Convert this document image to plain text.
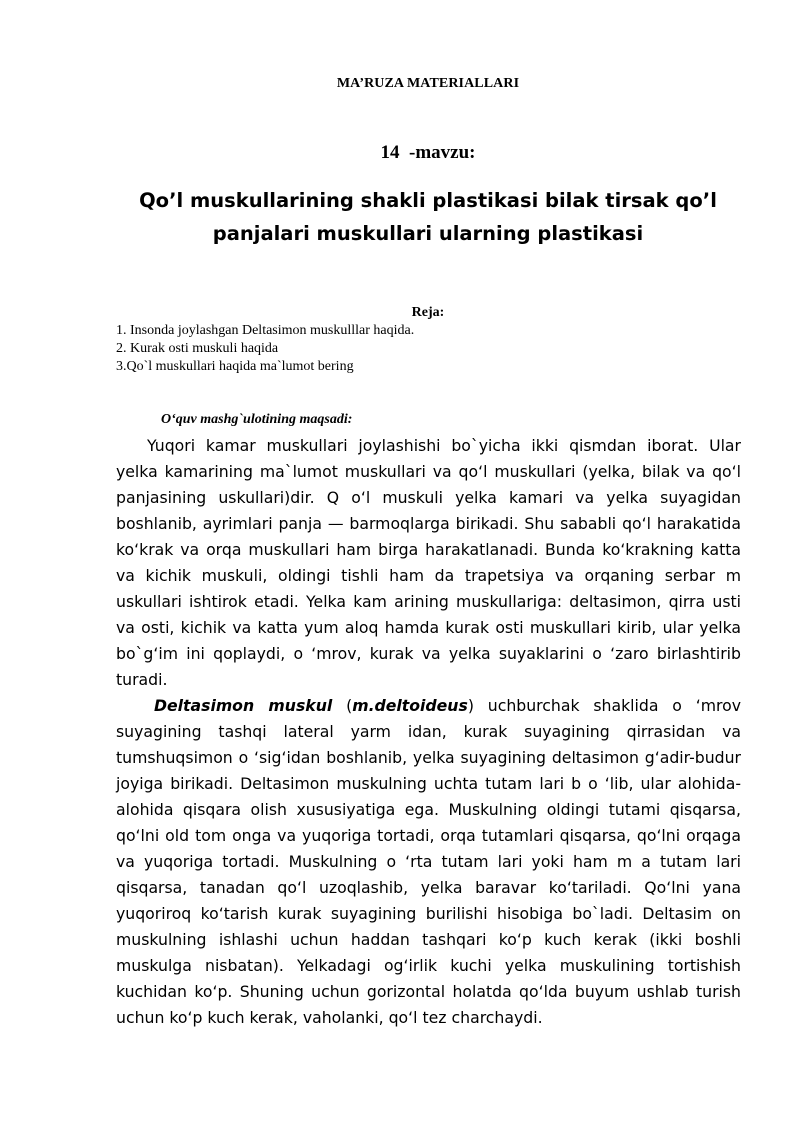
MA’RUZA MATERIALLARI
14  -mavzu:
Qo’l muskullarining shakli plastikasi bilak tirsak qo’l panjalari muskullari ularning plastikasi
Reja:
1. Insonda joylashgan Deltasimon muskulllar haqida.
2. Kurak osti muskuli haqida
3.Qo`l muskullari haqida ma`lumot bering
O‘quv mashg`ulotining maqsadi:

Yuqori kamar muskullari joylashishi bo`yicha ikki qismdan iborat. Ular yelka kamarining ma`lumot muskullari va qo‘l muskullari (yelka, bilak va qo‘l panjasining uskullari)dir. Q o‘l muskuli yelka kamari va yelka suyagidan boshlanib, ayrimlari panja — barmoqlarga birikadi. Shu sababli qo‘l harakatida ko‘krak va orqa muskullari ham birga harakatlanadi. Bunda ko‘krakning katta va kichik muskuli, oldingi tishli ham da trapetsiya va orqaning serbar m uskullari ishtirok etadi. Yelka kam arining muskullariga: deltasimon, qirra usti va osti, kichik va katta yum aloq hamda kurak osti muskullari kirib, ular yelka bo`g‘im ini qoplaydi, o ‘mrov, kurak va yelka suyaklarini o ‘zaro birlashtirib turadi.

Deltasimon muskul (m.deltoideus) uchburchak shaklida o ‘mrov suyagining tashqi lateral yarm idan, kurak suyagining qirrasidan va tumshuqsimon o ‘sig‘idan boshlanib, yelka suyagining deltasimon g‘adir-budur joyiga birikadi. Deltasimon muskulning uchta tutam lari b o ‘lib, ular alohida-alohida qisqara olish xususiyatiga ega. Muskulning oldingi tutami qisqarsa, qo‘lni old tom onga va yuqoriga tortadi, orqa tutamlari qisqarsa, qo‘lni orqaga va yuqoriga tortadi. Muskulning o ‘rta tutam lari yoki ham m a tutam lari qisqarsa, tanadan qo‘l uzoqlashib, yelka baravar ko‘tariladi. Qo‘lni yana yuqoriroq ko‘tarish kurak suyagining burilishi hisobiga bo`ladi. Deltasim on muskulning ishlashi uchun haddan tashqari ko‘p kuch kerak (ikki boshli muskulga nisbatan). Yelkadagi og‘irlik kuchi yelka muskulining tortishish kuchidan ko‘p. Shuning uchun gorizontal holatda qo‘lda buyum ushlab turish uchun ko‘p kuch kerak, vaholanki, qo‘l tez charchaydi.
